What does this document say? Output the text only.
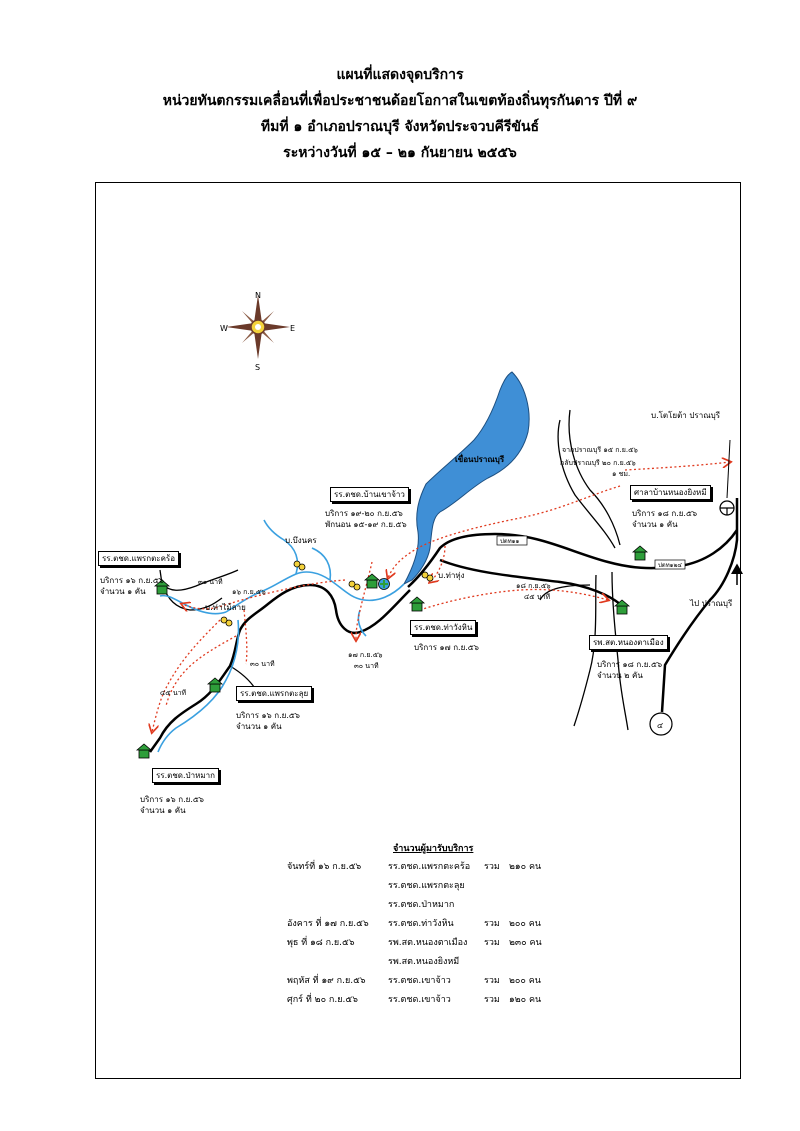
แผนที่แสดงจุดบริการ
หน่วยทันตกรรมเคลื่อนที่เพื่อประชาชนด้อยโอกาสในเขตท้องถิ่นทุรกันดาร ปีที่ ๙
ทีมที่ ๑ อำเภอปราณบุรี จังหวัดประจวบคีรีขันธ์
ระหว่างวันที่ ๑๕ – ๒๑ กันยายน ๒๕๕๖
N
S
E
W
๔
เขื่อนปราณบุรี
ปตท๑๑
ปตท๑๒๔
จากปราณบุรี ๑๕ ก.ย.๕๖
กลับปราณบุรี ๒๐ ก.ย.๕๖
๑ ชม.
๓๐ นาที
๑๖ ก.ย.๕๖
๓๐ นาที
๔๕ นาที
๑๗ ก.ย.๕๖
๓๐ นาที
๑๘ ก.ย.๕๖
๔๕ นาที
บ.บึงนคร
บ.ท่าไม้ลาย
บ.ท่าหุ่ง
บ.โตโยต้า ปราณบุรี
ไป ปราณบุรี
รร.ตชด.บ้านเขาจ้าว
บริการ ๑๙-๒๐ ก.ย.๕๖
พักนอน ๑๕-๑๙ ก.ย.๕๖
รร.ตชด.แพรกตะคร้อ
บริการ ๑๖ ก.ย.๕๖
จำนวน ๑ คัน
รร.ตชด.แพรกตะลุย
บริการ ๑๖ ก.ย.๕๖
จำนวน ๑ คัน
รร.ตชด.ป่าหมาก
บริการ ๑๖ ก.ย.๕๖
จำนวน ๑ คัน
รร.ตชด.ท่าวังหิน
บริการ ๑๗ ก.ย.๕๖
รพ.สต.หนองตาเมือง
บริการ ๑๘ ก.ย.๕๖
จำนวน ๒ คัน
ศาลาบ้านหนองยิงหมี
บริการ ๑๘ ก.ย.๕๖
จำนวน ๑ คัน
จำนวนผู้มารับบริการ
จันทร์ที่ ๑๖ ก.ย.๕๖	รร.ตชด.แพรกตะคร้อ รวม ๒๑๐ คน
รร.ตชด.แพรกตะลุย
รร.ตชด.ป่าหมาก
อังคาร ที่ ๑๗ ก.ย.๕๖ รร.ตชด.ท่าวังหิน	รวม ๒๐๐ คน
พุธ ที่ ๑๘ ก.ย.๕๖	รพ.สต.หนองตาเมือง รวม ๒๓๐ คน
รพ.สต.หนองยิงหมี
พฤหัส ที่ ๑๙ ก.ย.๕๖ รร.ตชด.เขาจ้าว	รวม ๒๐๐ คน
ศุกร์ ที่ ๒๐ ก.ย.๕๖	รร.ตชด.เขาจ้าว	รวม ๑๒๐ คน
